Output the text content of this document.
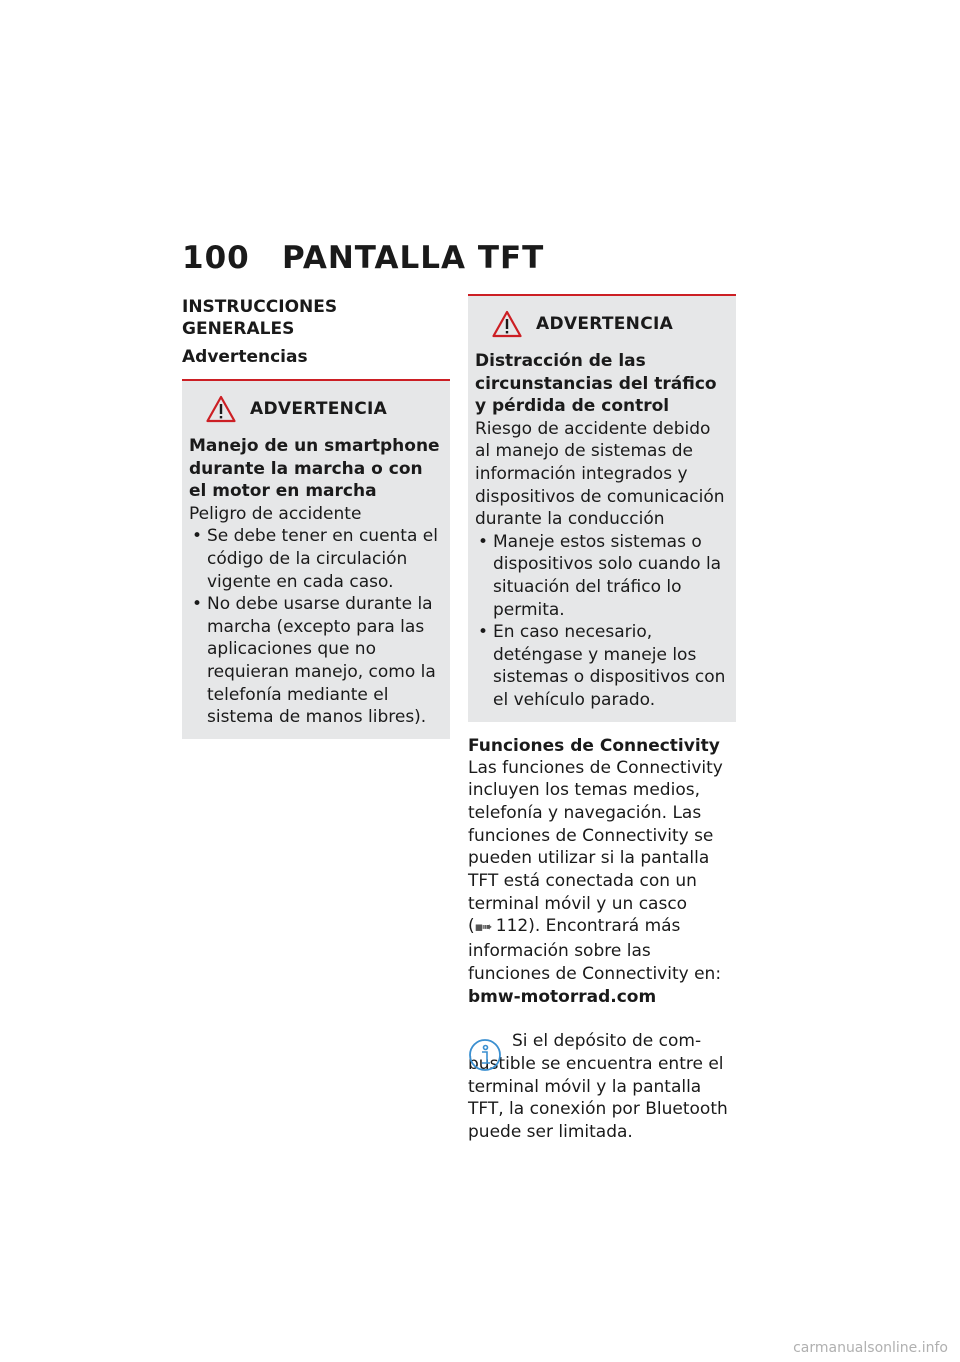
100 PANTALLA TFT
INSTRUCCIONES GENERALES
Advertencias
ADVERTENCIA

Manejo de un smartphone durante la marcha o con el motor en marcha

Peligro de accidente

• Se debe tener en cuenta el código de la circulación vigente en cada caso.
• No debe usarse durante la marcha (excepto para las aplicaciones que no requieran manejo, como la telefonía mediante el sistema de manos libres).
ADVERTENCIA

Distracción de las circunstancias del tráfico y pérdida de control

Riesgo de accidente debido al manejo de sistemas de información integrados y dispositivos de comunicación durante la conducción

• Maneje estos sistemas o dispositivos solo cuando la situación del tráfico lo permita.
• En caso necesario, deténgase y maneje los sistemas o dispositivos con el vehículo parado.
Funciones de Connectivity

Las funciones de Connectivity incluyen los temas medios, telefonía y navegación. Las funciones de Connectivity se pueden utilizar si la pantalla TFT está conectada con un terminal móvil y un casco (▪➠ 112). Encontrará más información sobre las funciones de Connectivity en: bmw-motorrad.com

Si el depósito de com-
bustible se encuentra entre el terminal móvil y la pantalla TFT, la conexión por Bluetooth puede ser limitada.

carmanualsonline.info
